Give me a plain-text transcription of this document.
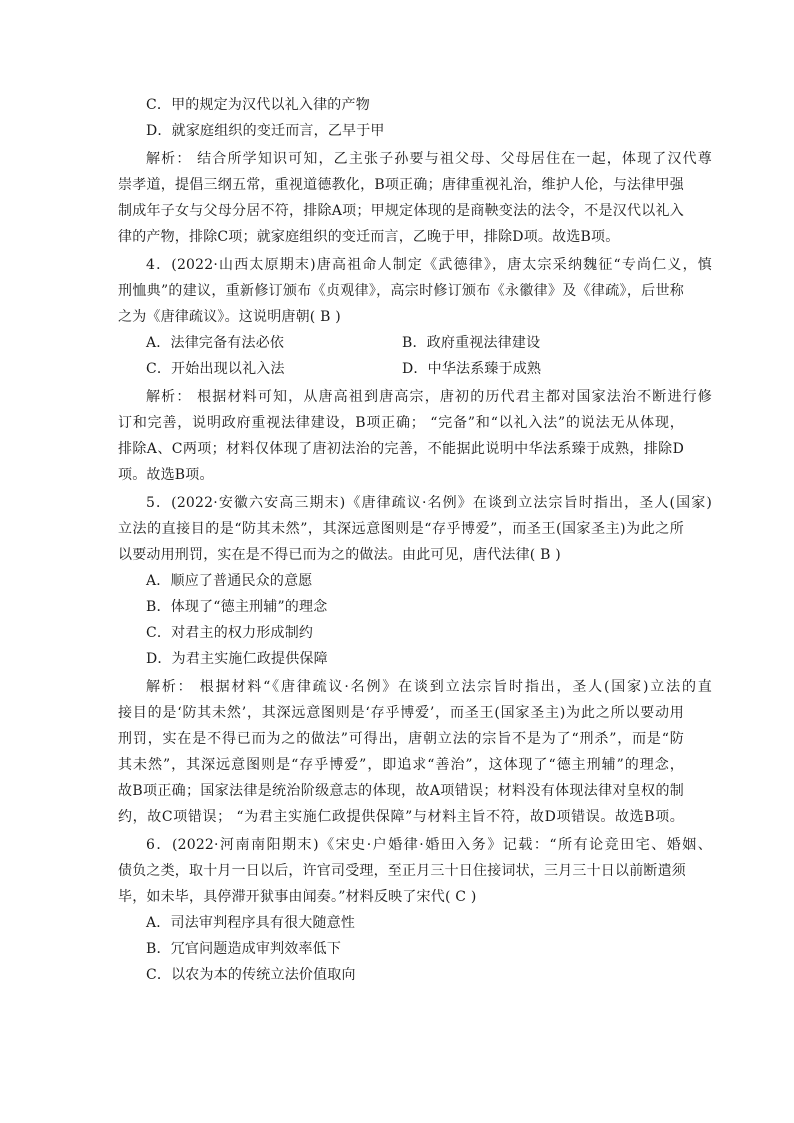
C．甲的规定为汉代以礼入律的产物
D．就家庭组织的变迁而言，乙早于甲
解析： 结合所学知识可知，乙主张子孙要与祖父母、父母居住在一起，体现了汉代尊
崇孝道，提倡三纲五常，重视道德教化，B项正确；唐律重视礼治，维护人伦，与法律甲强
制成年子女与父母分居不符，排除A项；甲规定体现的是商鞅变法的法令，不是汉代以礼入
律的产物，排除C项；就家庭组织的变迁而言，乙晚于甲，排除D项。故选B项。
4．(2022·山西太原期末)唐高祖命人制定《武德律》，唐太宗采纳魏征“专尚仁义，慎
刑恤典”的建议，重新修订颁布《贞观律》，高宗时修订颁布《永徽律》及《律疏》，后世称
之为《唐律疏议》。这说明唐朝( B )
A．法律完备有法必依	B．政府重视法律建设
C．开始出现以礼入法	D．中华法系臻于成熟
解析： 根据材料可知，从唐高祖到唐高宗，唐初的历代君主都对国家法治不断进行修
订和完善，说明政府重视法律建设，B项正确； “完备”和“以礼入法”的说法无从体现，
排除A、C两项；材料仅体现了唐初法治的完善，不能据此说明中华法系臻于成熟，排除D
项。故选B项。
5．(2022·安徽六安高三期末)《唐律疏议·名例》在谈到立法宗旨时指出，圣人(国家)
立法的直接目的是“防其未然”，其深远意图则是“存乎博爱”，而圣王(国家圣主)为此之所
以要动用刑罚，实在是不得已而为之的做法。由此可见，唐代法律( B )
A．顺应了普通民众的意愿
B．体现了“德主刑辅”的理念
C．对君主的权力形成制约
D．为君主实施仁政提供保障
解析： 根据材料“《唐律疏议·名例》在谈到立法宗旨时指出，圣人(国家)立法的直
接目的是‘防其未然’，其深远意图则是‘存乎博爱’，而圣王(国家圣主)为此之所以要动用
刑罚，实在是不得已而为之的做法”可得出，唐朝立法的宗旨不是为了“刑杀”，而是“防
其未然”，其深远意图则是“存乎博爱”，即追求“善治”，这体现了“德主刑辅”的理念，
故B项正确；国家法律是统治阶级意志的体现，故A项错误；材料没有体现法律对皇权的制
约，故C项错误； “为君主实施仁政提供保障”与材料主旨不符，故D项错误。故选B项。
6．(2022·河南南阳期末)《宋史·户婚律·婚田入务》记载：“所有论竞田宅、婚姻、
债负之类，取十月一日以后，许官司受理，至正月三十日住接词状，三月三十日以前断遣须
毕，如未毕，具停滞开狱事由闻奏。”材料反映了宋代( C )
A．司法审判程序具有很大随意性
B．冗官问题造成审判效率低下
C．以农为本的传统立法价值取向
